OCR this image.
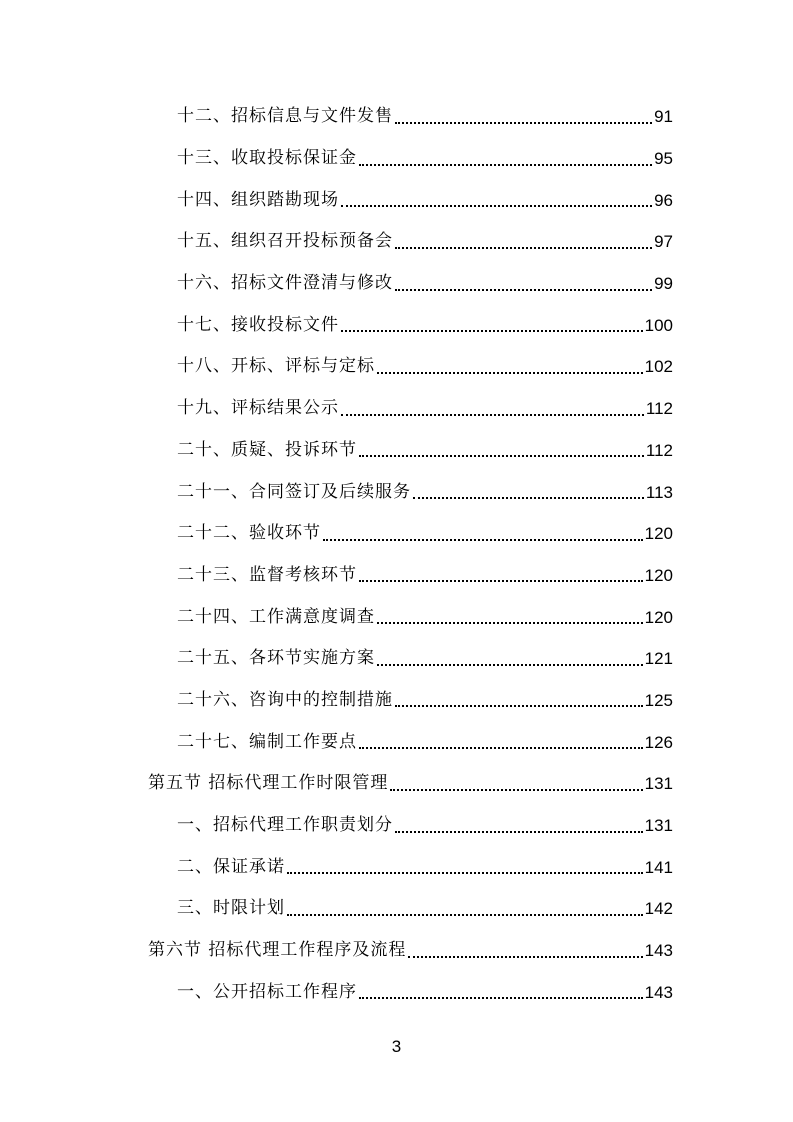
十二、招标信息与文件发售	91
十三、收取投标保证金	95
十四、组织踏勘现场	96
十五、组织召开投标预备会	97
十六、招标文件澄清与修改	99
十七、接收投标文件	100
十八、开标、评标与定标	102
十九、评标结果公示	112
二十、质疑、投诉环节	112
二十一、合同签订及后续服务	113
二十二、验收环节	120
二十三、监督考核环节	120
二十四、工作满意度调查	120
二十五、各环节实施方案	121
二十六、咨询中的控制措施	125
二十七、编制工作要点	126
第五节 招标代理工作时限管理	131
一、招标代理工作职责划分	131
二、保证承诺	141
三、时限计划	142
第六节 招标代理工作程序及流程	143
一、公开招标工作程序	143
3
